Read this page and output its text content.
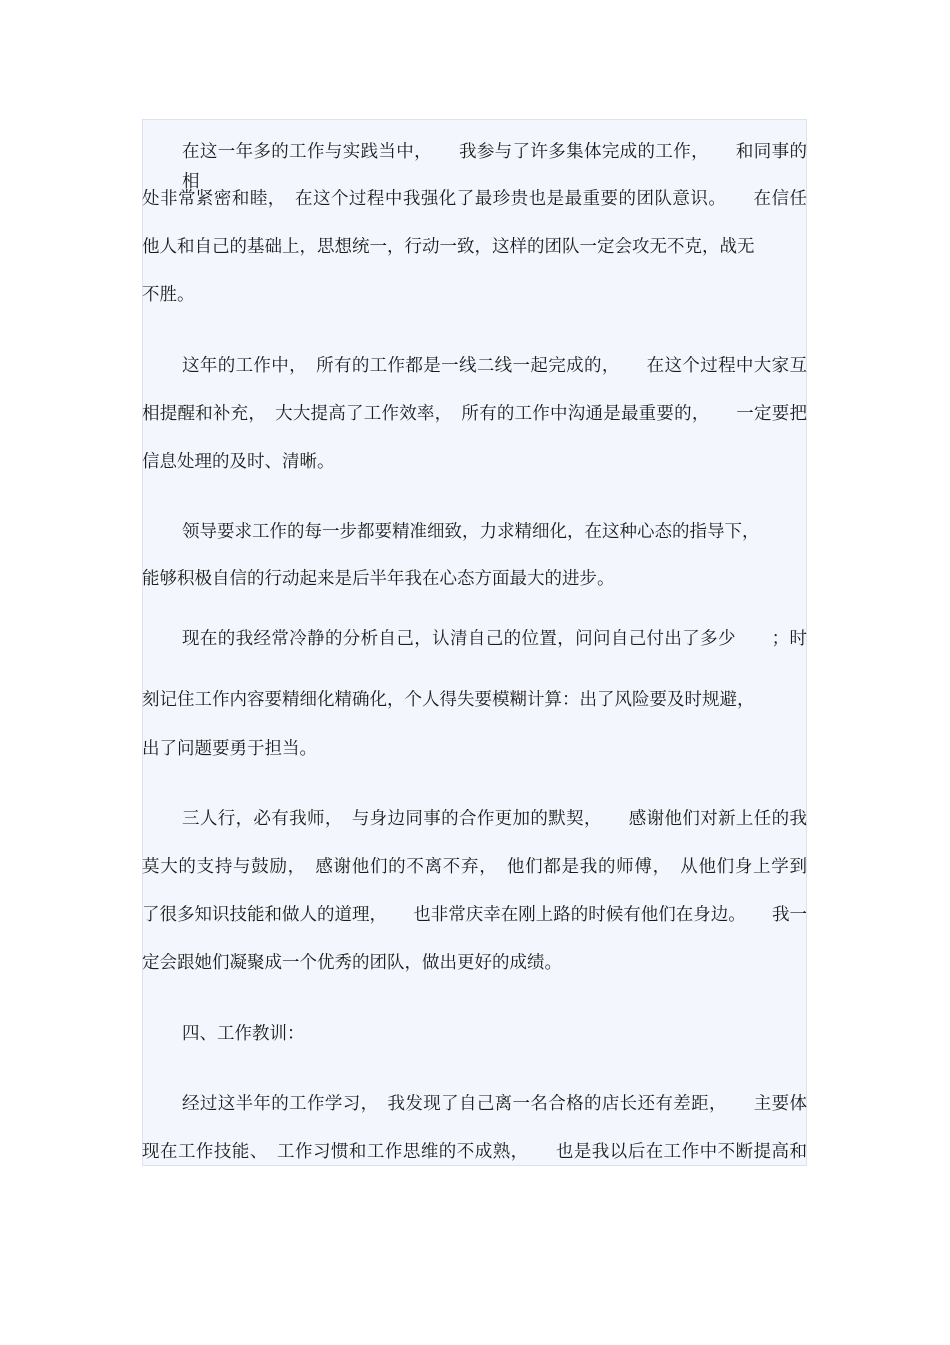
在这一年多的工作与实践当中，　　我参与了许多集体完成的工作，　　和同事的相
处非常紧密和睦，　在这个过程中我强化了最珍贵也是最重要的团队意识。　　在信任
他人和自己的基础上，思想统一，行动一致，这样的团队一定会攻无不克，战无
不胜。
这年的工作中，　所有的工作都是一线二线一起完成的，　　在这个过程中大家互
相提醒和补充，　大大提高了工作效率，　所有的工作中沟通是最重要的，　　一定要把
信息处理的及时、清晰。
领导要求工作的每一步都要精准细致，力求精细化，在这种心态的指导下，
能够积极自信的行动起来是后半年我在心态方面最大的进步。
现在的我经常冷静的分析自己，认清自己的位置，问问自己付出了多少　　；时
刻记住工作内容要精细化精确化，个人得失要模糊计算：出了风险要及时规避，
出了问题要勇于担当。
三人行，必有我师，　与身边同事的合作更加的默契，　　感谢他们对新上任的我
莫大的支持与鼓励，　感谢他们的不离不弃，　他们都是我的师傅，　从他们身上学到
了很多知识技能和做人的道理，　　也非常庆幸在刚上路的时候有他们在身边。　　我一
定会跟她们凝聚成一个优秀的团队，做出更好的成绩。
四、工作教训：
经过这半年的工作学习，　我发现了自己离一名合格的店长还有差距，　　主要体
现在工作技能、　工作习惯和工作思维的不成熟，　　也是我以后在工作中不断提高和
